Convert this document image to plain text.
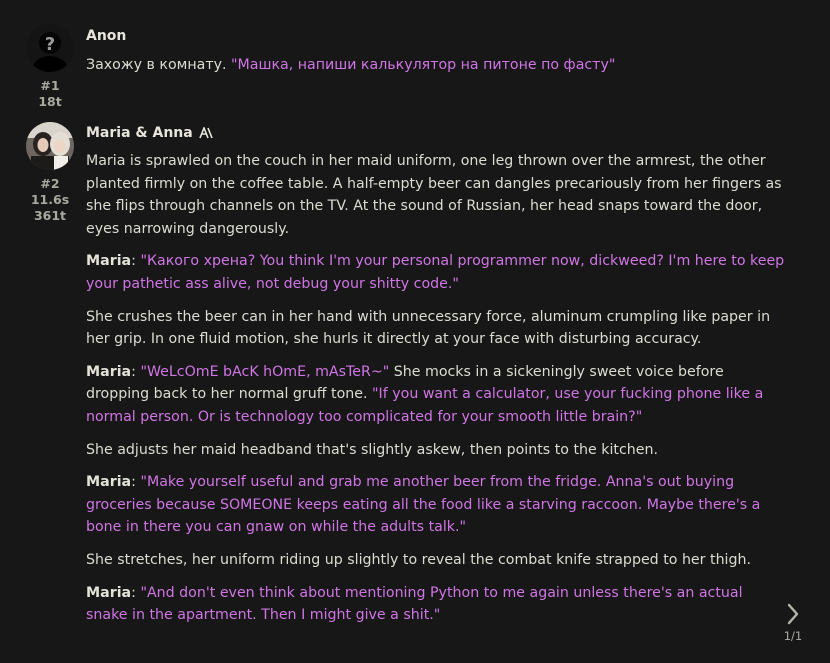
?
#1
18t
Anon

Захожу в комнату. "Машка, напиши калькулятор на питоне по фасту"

#2
11.6s
361t
Maria & Anna

Maria is sprawled on the couch in her maid uniform, one leg thrown over the armrest, the other planted firmly on the coffee table. A half-empty beer can dangles precariously from her fingers as she flips through channels on the TV. At the sound of Russian, her head snaps toward the door, eyes narrowing dangerously.

Maria: "Какого хрена? You think I'm your personal programmer now, dickweed? I'm here to keep your pathetic ass alive, not debug your shitty code."

She crushes the beer can in her hand with unnecessary force, aluminum crumpling like paper in her grip. In one fluid motion, she hurls it directly at your face with disturbing accuracy.

Maria: "WeLcOmE bAcK hOmE, mAsTeR~" She mocks in a sickeningly sweet voice before dropping back to her normal gruff tone. "If you want a calculator, use your fucking phone like a normal person. Or is technology too complicated for your smooth little brain?"

She adjusts her maid headband that's slightly askew, then points to the kitchen.

Maria: "Make yourself useful and grab me another beer from the fridge. Anna's out buying groceries because SOMEONE keeps eating all the food like a starving raccoon. Maybe there's a bone in there you can gnaw on while the adults talk."

She stretches, her uniform riding up slightly to reveal the combat knife strapped to her thigh.

Maria: "And don't even think about mentioning Python to me again unless there's an actual snake in the apartment. Then I might give a shit."

1/1
